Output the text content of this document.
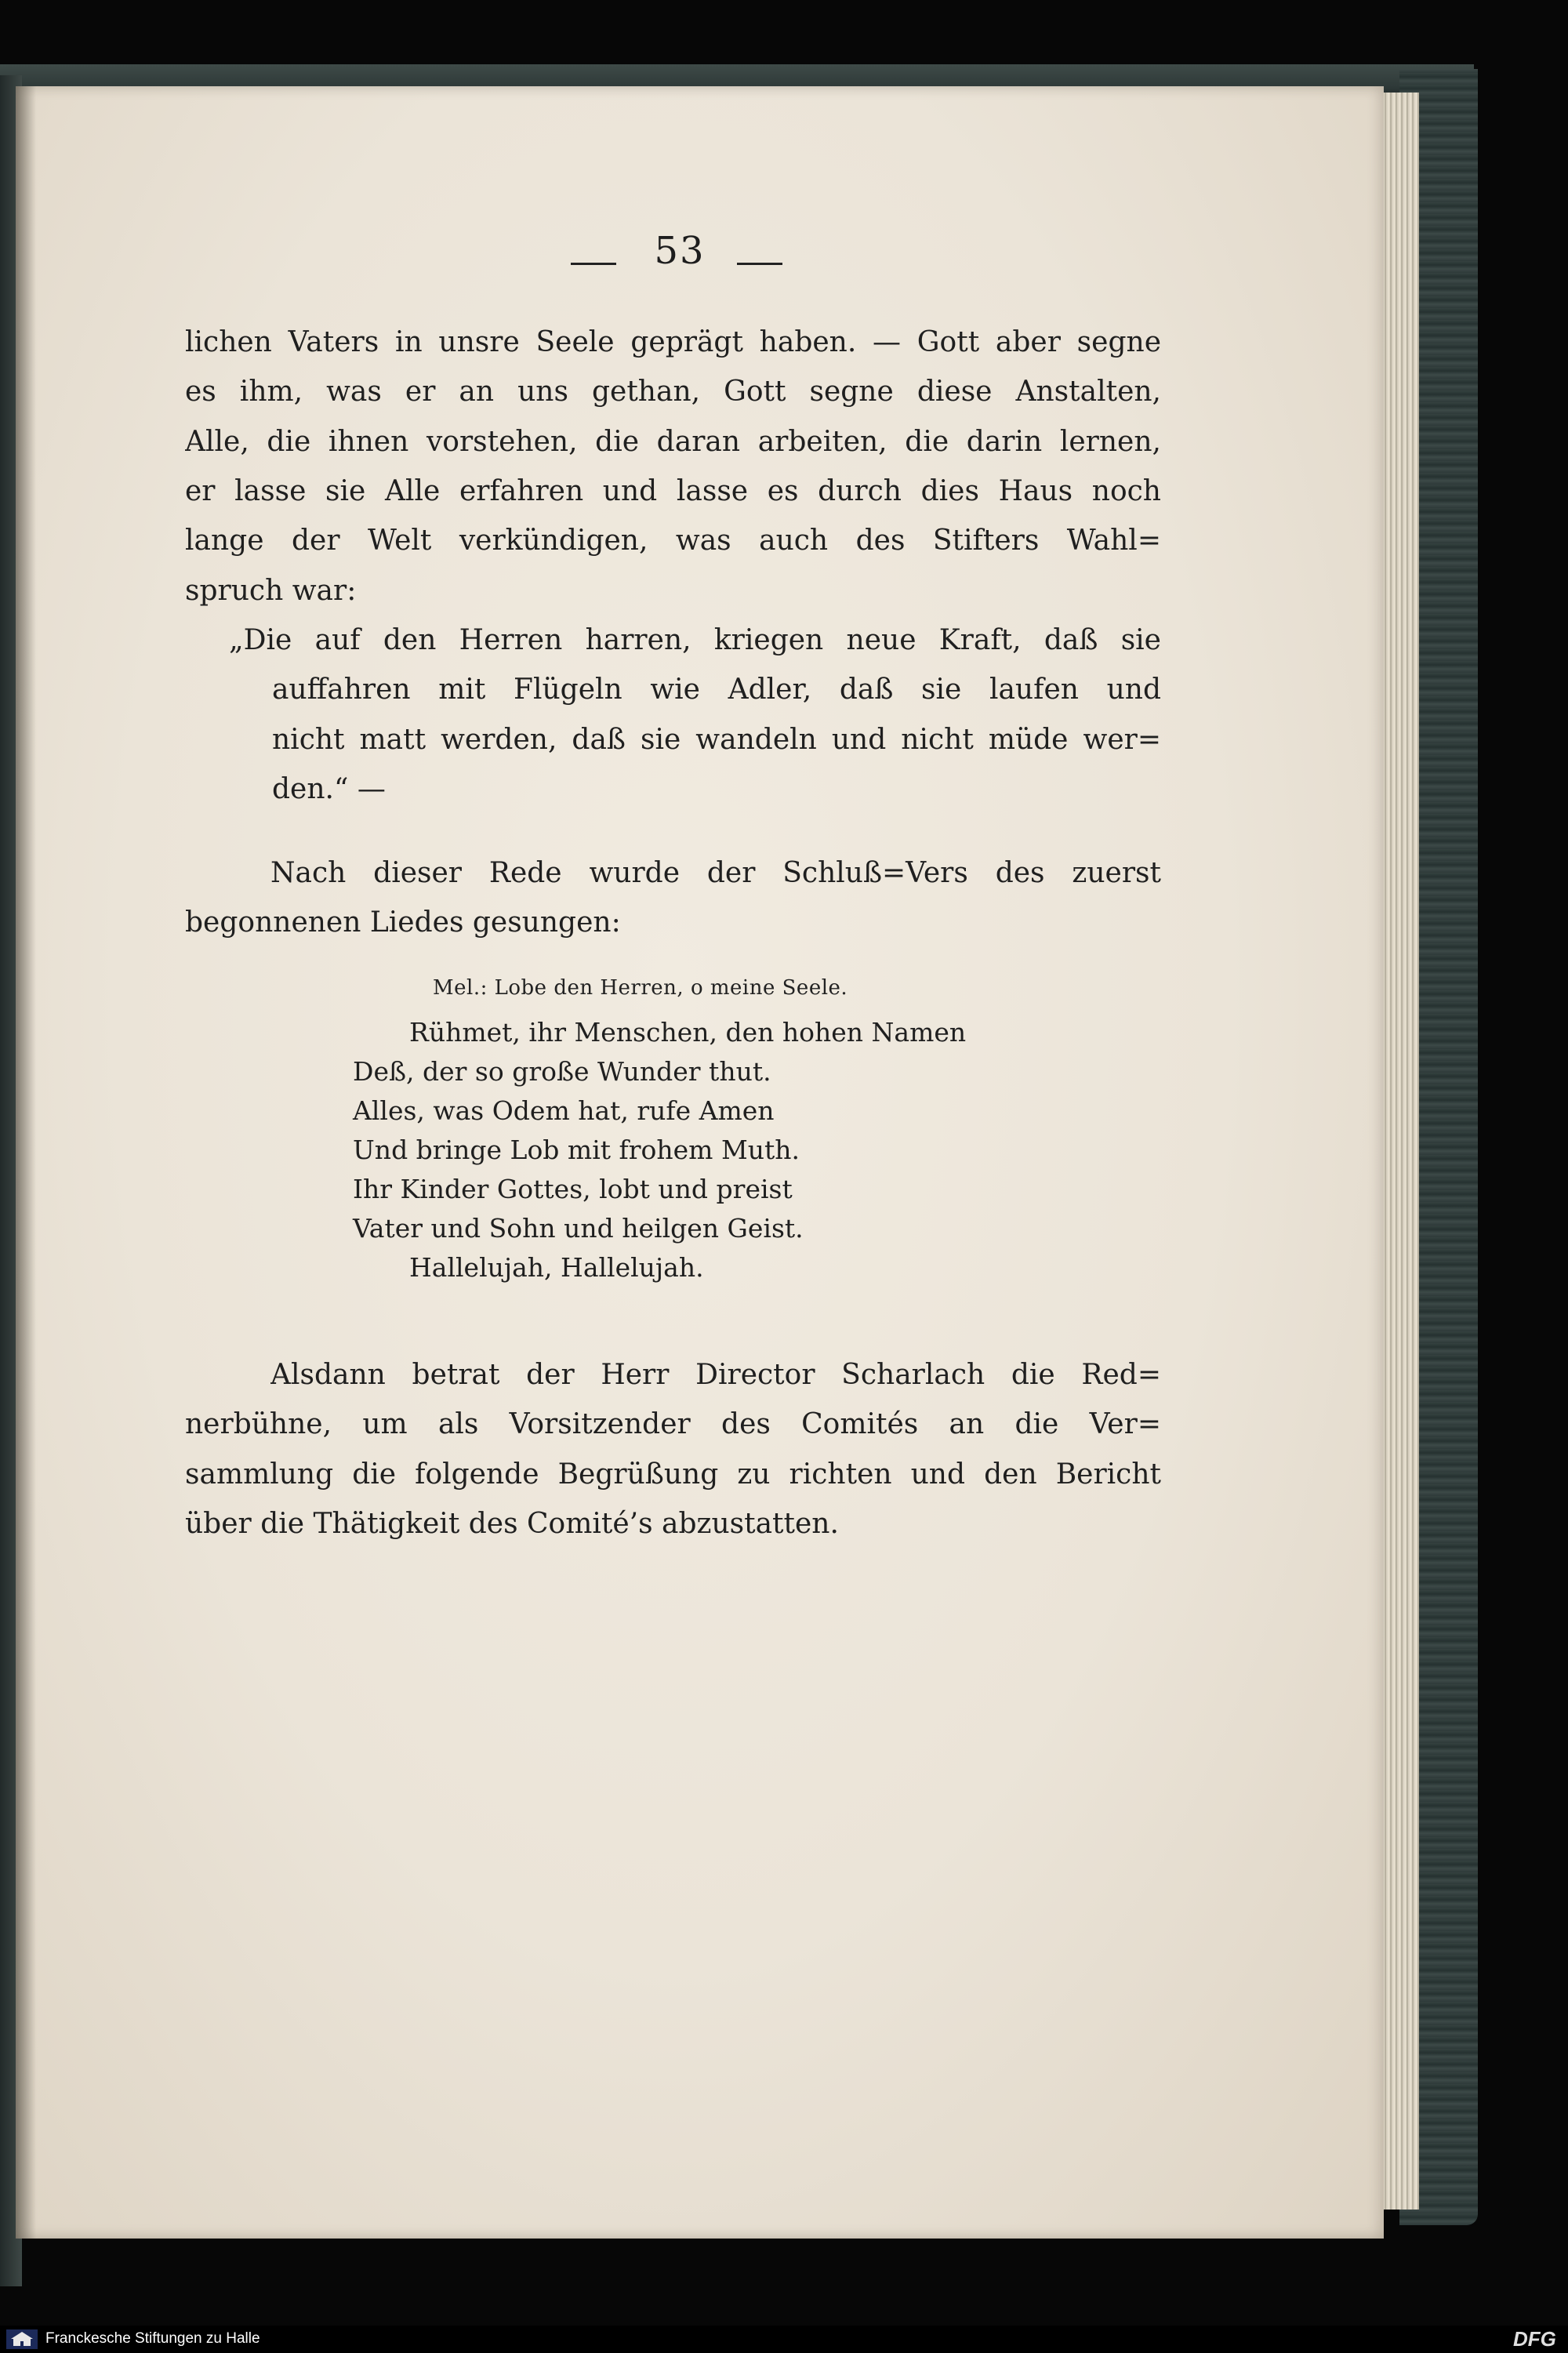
53
lichen Vaters in unsre Seele geprägt haben. — Gott aber segne
es ihm, was er an uns gethan, Gott segne diese Anstalten,
Alle, die ihnen vorstehen, die daran arbeiten, die darin lernen,
er lasse sie Alle erfahren und lasse es durch dies Haus noch
lange der Welt verkündigen, was auch des Stifters Wahl=
spruch war:
„Die auf den Herren harren, kriegen neue Kraft, daß sie
auffahren mit Flügeln wie Adler, daß sie laufen und
nicht matt werden, daß sie wandeln und nicht müde wer=
den.“ —
Nach dieser Rede wurde der Schluß=Vers des zuerst
begonnenen Liedes gesungen:
Mel.: Lobe den Herren, o meine Seele.
Rühmet, ihr Menschen, den hohen Namen
Deß, der so große Wunder thut.
Alles, was Odem hat, rufe Amen
Und bringe Lob mit frohem Muth.
Ihr Kinder Gottes, lobt und preist
Vater und Sohn und heilgen Geist.
Hallelujah, Hallelujah.
Alsdann betrat der Herr Director Scharlach die Red=
nerbühne, um als Vorsitzender des Comités an die Ver=
sammlung die folgende Begrüßung zu richten und den Bericht
über die Thätigkeit des Comité’s abzustatten.
Franckesche Stiftungen zu Halle	DFG
